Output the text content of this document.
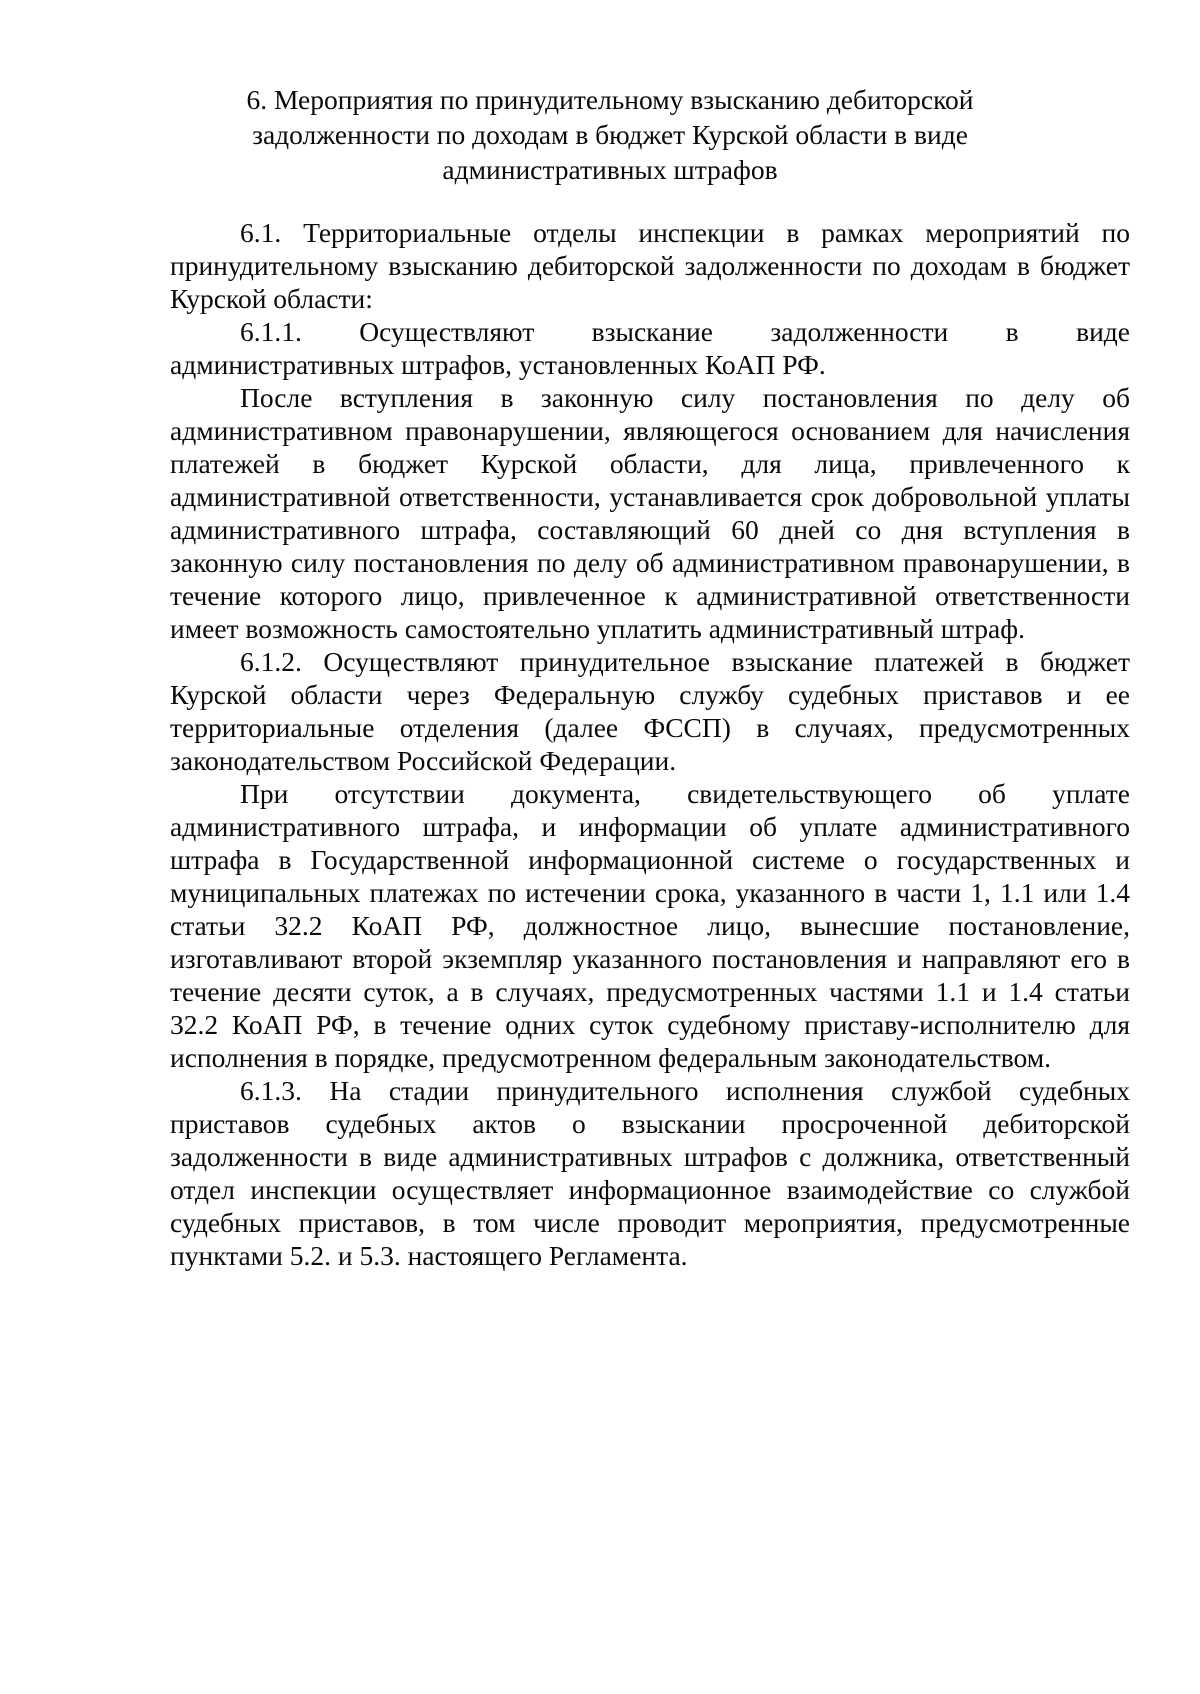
6. Мероприятия по принудительному взысканию дебиторской
задолженности по доходам в бюджет Курской области в виде
административных штрафов

6.1. Территориальные отделы инспекции в рамках мероприятий по принудительному взысканию дебиторской задолженности по доходам в бюджет Курской области:

6.1.1. Осуществляют взыскание задолженности в виде

административных штрафов, установленных КоАП РФ.

После вступления в законную силу постановления по делу об административном правонарушении, являющегося основанием для начисления платежей в бюджет Курской области, для лица, привлеченного к административной ответственности, устанавливается срок добровольной уплаты административного штрафа, составляющий 60 дней со дня вступления в законную силу постановления по делу об административном правонарушении, в течение которого лицо, привлеченное к административной ответственности имеет возможность самостоятельно уплатить административный штраф.

6.1.2. Осуществляют принудительное взыскание платежей в бюджет Курской области через Федеральную службу судебных приставов и ее территориальные отделения (далее ФССП) в случаях, предусмотренных законодательством Российской Федерации.

При отсутствии документа, свидетельствующего об уплате административного штрафа, и информации об уплате административного штрафа в Государственной информационной системе о государственных и муниципальных платежах по истечении срока, указанного в части 1, 1.1 или 1.4 статьи 32.2 КоАП РФ, должностное лицо, вынесшие постановление, изготавливают второй экземпляр указанного постановления и направляют его в течение десяти суток, а в случаях, предусмотренных частями 1.1 и 1.4 статьи 32.2 КоАП РФ, в течение одних суток судебному приставу-исполнителю для исполнения в порядке, предусмотренном федеральным законодательством.

6.1.3. На стадии принудительного исполнения службой судебных приставов судебных актов о взыскании просроченной дебиторской задолженности в виде административных штрафов с должника, ответственный отдел инспекции осуществляет информационное взаимодействие со службой судебных приставов, в том числе проводит мероприятия, предусмотренные пунктами 5.2. и 5.3. настоящего Регламента.
